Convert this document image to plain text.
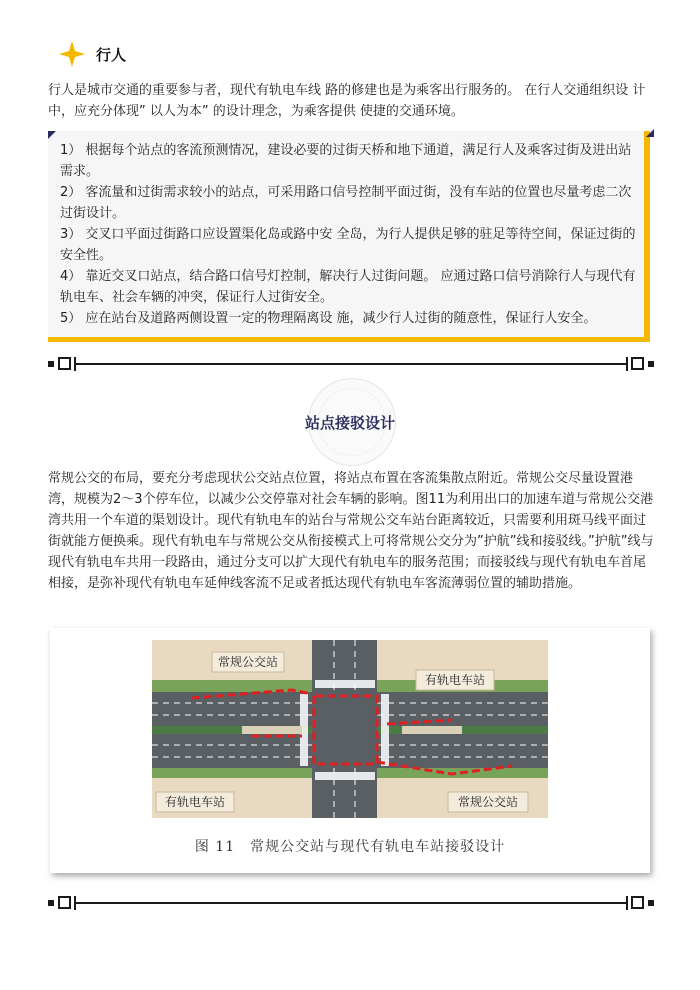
行人
行人是城市交通的重要参与者，现代有轨电车线 路的修建也是为乘客出行服务的。 在行人交通组织设 计中，应充分体现” 以人为本” 的设计理念，为乘客提供 使捷的交通环境。
1） 根据每个站点的客流预测情况，建设必要的过街天桥和地下通道，满足行人及乘客过街及进出站需求。
2） 客流量和过街需求较小的站点，可采用路口信号控制平面过街，没有车站的位置也尽量考虑二次过街设计。
3） 交叉口平面过街路口应设置渠化岛或路中安 全岛，为行人提供足够的驻足等待空间，保证过街的安全性。
4） 靠近交叉口站点，结合路口信号灯控制，解决行人过街问题。 应通过路口信号消除行人与现代有轨电车、社会车辆的冲突，保证行人过街安全。
5） 应在站台及道路两侧设置一定的物理隔离设 施，减少行人过街的随意性，保证行人安全。
站点接驳设计
常规公交的布局，要充分考虑现状公交站点位置，将站点布置在客流集散点附近。常规公交尽量设置港湾，规模为2～3个停车位，以减少公交停靠对社会车辆的影响。图11为利用出口的加速车道与常规公交港湾共用一个车道的渠划设计。现代有轨电车的站台与常规公交车站台距离较近，只需要利用斑马线平面过街就能方便换乘。现代有轨电车与常规公交从衔接模式上可将常规公交分为”护航”线和接驳线。”护航”线与现代有轨电车共用一段路由，通过分支可以扩大现代有轨电车的服务范围；而接驳线与现代有轨电车首尾相接，是弥补现代有轨电车延伸线客流不足或者抵达现代有轨电车客流薄弱位置的辅助措施。
常规公交站
有轨电车站
有轨电车站	常规公交站
图 11　常规公交站与现代有轨电车站接驳设计
